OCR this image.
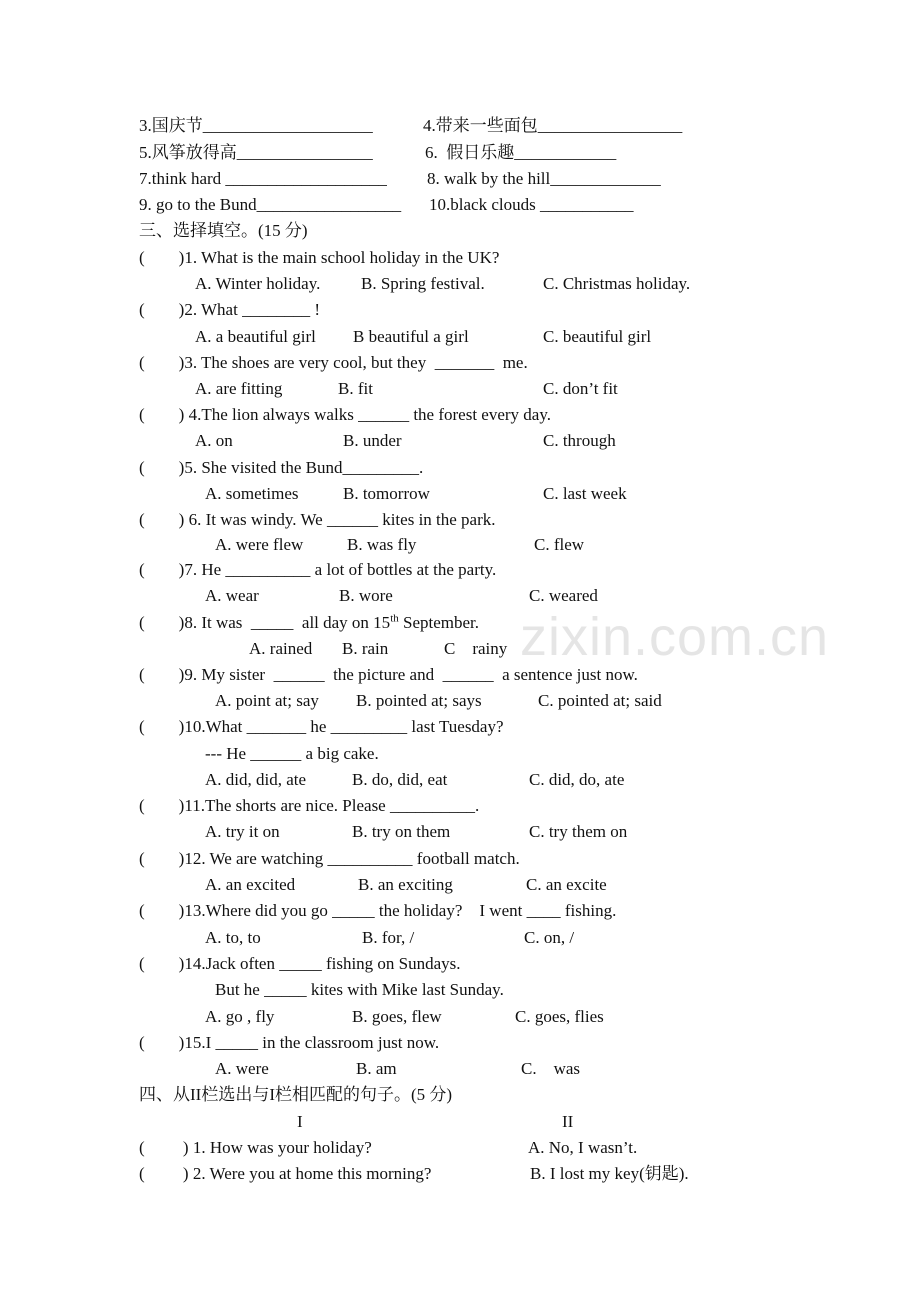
3.国庆节____________________	4.带来一些面包_________________
5.风筝放得高________________	6.  假日乐趣____________
7.think hard ___________________ 8. walk by the hill_____________
9. go to the Bund_________________ 10.black clouds ___________
三、选择填空。(15 分)
(        )1. What is the main school holiday in the UK?
A. Winter holiday. B. Spring festival.	C. Christmas holiday.
(        )2. What ________ !
A. a beautiful girl B beautiful a girl	C. beautiful girl
(        )3. The shoes are very cool, but they  _______  me.
A. are fitting	B. fit	C. don’t fit
(        ) 4.The lion always walks ______ the forest every day.
A. on	B. under	C. through
(        )5. She visited the Bund_________.
A. sometimes	B. tomorrow	C. last week
(        ) 6. It was windy. We ______ kites in the park.
A. were flew	B. was fly	C. flew
(        )7. He __________ a lot of bottles at the party.
A. wear	B. wore	C. weared
(        )8. It was  _____  all day on 15th September.
A. rained B. rain	C    rainy
(        )9. My sister  ______  the picture and  ______  a sentence just now.
A. point at; say B. pointed at; says	C. pointed at; said
(        )10.What _______ he _________ last Tuesday?
--- He ______ a big cake.
A. did, did, ate	B. do, did, eat	C. did, do, ate
(        )11.The shorts are nice. Please __________.
A. try it on	B. try on them	C. try them on
(        )12. We are watching __________ football match.
A. an excited	B. an exciting	C. an excite
(        )13.Where did you go _____ the holiday?    I went ____ fishing.
A. to, to	B. for, /	C. on, /
(        )14.Jack often _____ fishing on Sundays.
But he _____ kites with Mike last Sunday.
A. go , fly	B. goes, flew	C. goes, flies
(        )15.I _____ in the classroom just now.
A. were	B. am	C.    was
四、从II栏选出与I栏相匹配的句子。(5 分)
I	II
(         ) 1. How was your holiday?	A. No, I wasn’t.
(         ) 2. Were you at home this morning?	B. I lost my key(钥匙).
zixin.com.cn
